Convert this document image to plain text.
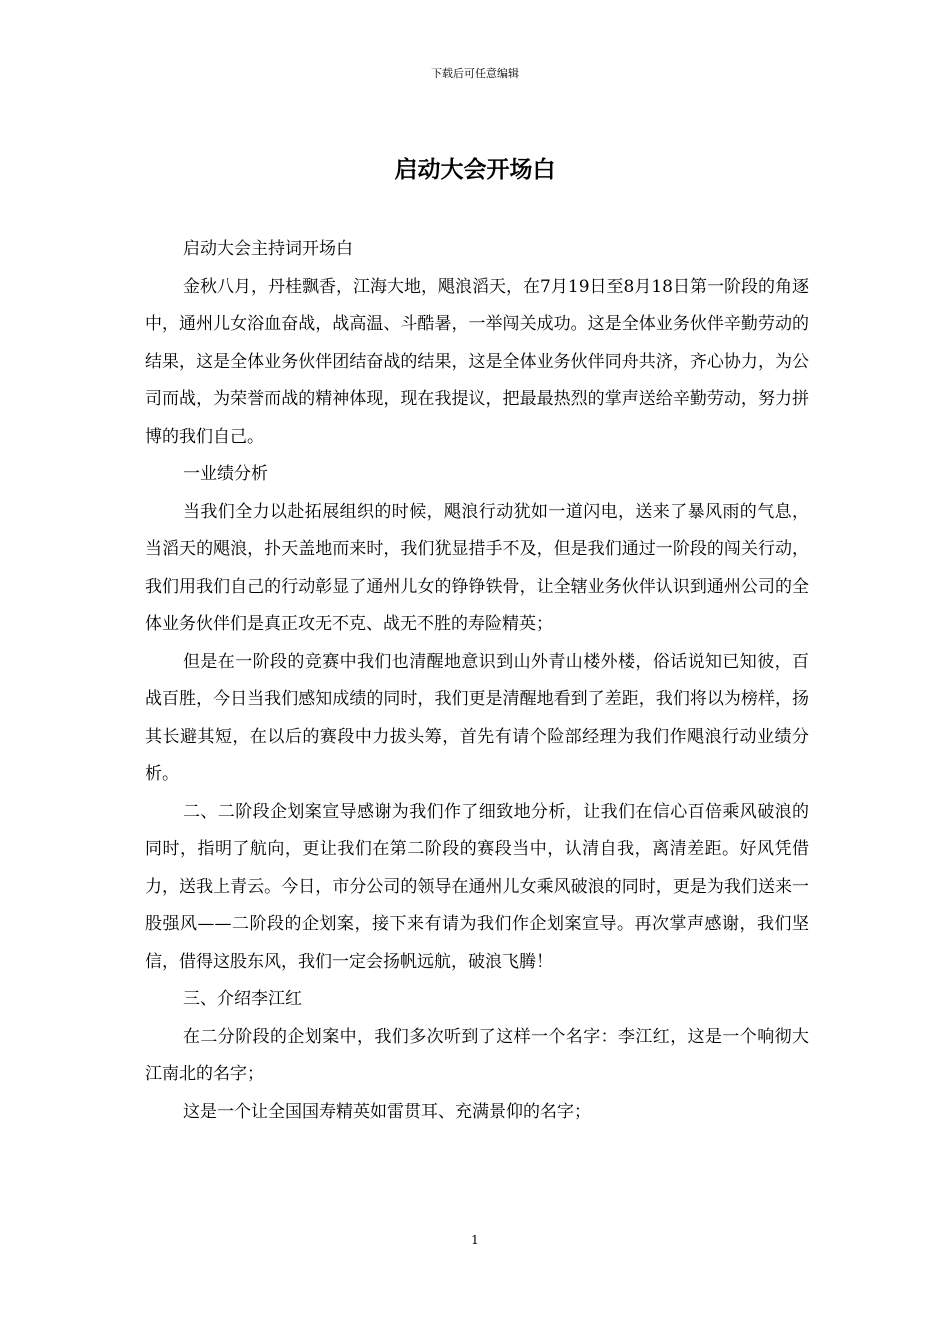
下载后可任意编辑
启动大会开场白

启动大会主持词开场白

金秋八月，丹桂飘香，江海大地，飓浪滔天，在7月19日至8月18日第一阶段的角逐中，通州儿女浴血奋战，战高温、斗酷暑，一举闯关成功。这是全体业务伙伴辛勤劳动的结果，这是全体业务伙伴团结奋战的结果，这是全体业务伙伴同舟共济，齐心协力，为公司而战，为荣誉而战的精神体现，现在我提议，把最最热烈的掌声送给辛勤劳动，努力拼博的我们自己。

一业绩分析

当我们全力以赴拓展组织的时候，飓浪行动犹如一道闪电，送来了暴风雨的气息，当滔天的飓浪，扑天盖地而来时，我们犹显措手不及，但是我们通过一阶段的闯关行动，我们用我们自己的行动彰显了通州儿女的铮铮铁骨，让全辖业务伙伴认识到通州公司的全体业务伙伴们是真正攻无不克、战无不胜的寿险精英；

但是在一阶段的竞赛中我们也清醒地意识到山外青山楼外楼，俗话说知已知彼，百战百胜，今日当我们感知成绩的同时，我们更是清醒地看到了差距，我们将以为榜样，扬其长避其短，在以后的赛段中力拔头筹，首先有请个险部经理为我们作飓浪行动业绩分析。

二、二阶段企划案宣导感谢为我们作了细致地分析，让我们在信心百倍乘风破浪的同时，指明了航向，更让我们在第二阶段的赛段当中，认清自我，离清差距。好风凭借力，送我上青云。今日，市分公司的领导在通州儿女乘风破浪的同时，更是为我们送来一股强风——二阶段的企划案，接下来有请为我们作企划案宣导。再次掌声感谢，我们坚信，借得这股东风，我们一定会扬帆远航，破浪飞腾！

三、介绍李江红

在二分阶段的企划案中，我们多次听到了这样一个名字：李江红，这是一个响彻大江南北的名字；

这是一个让全国国寿精英如雷贯耳、充满景仰的名字；

1
